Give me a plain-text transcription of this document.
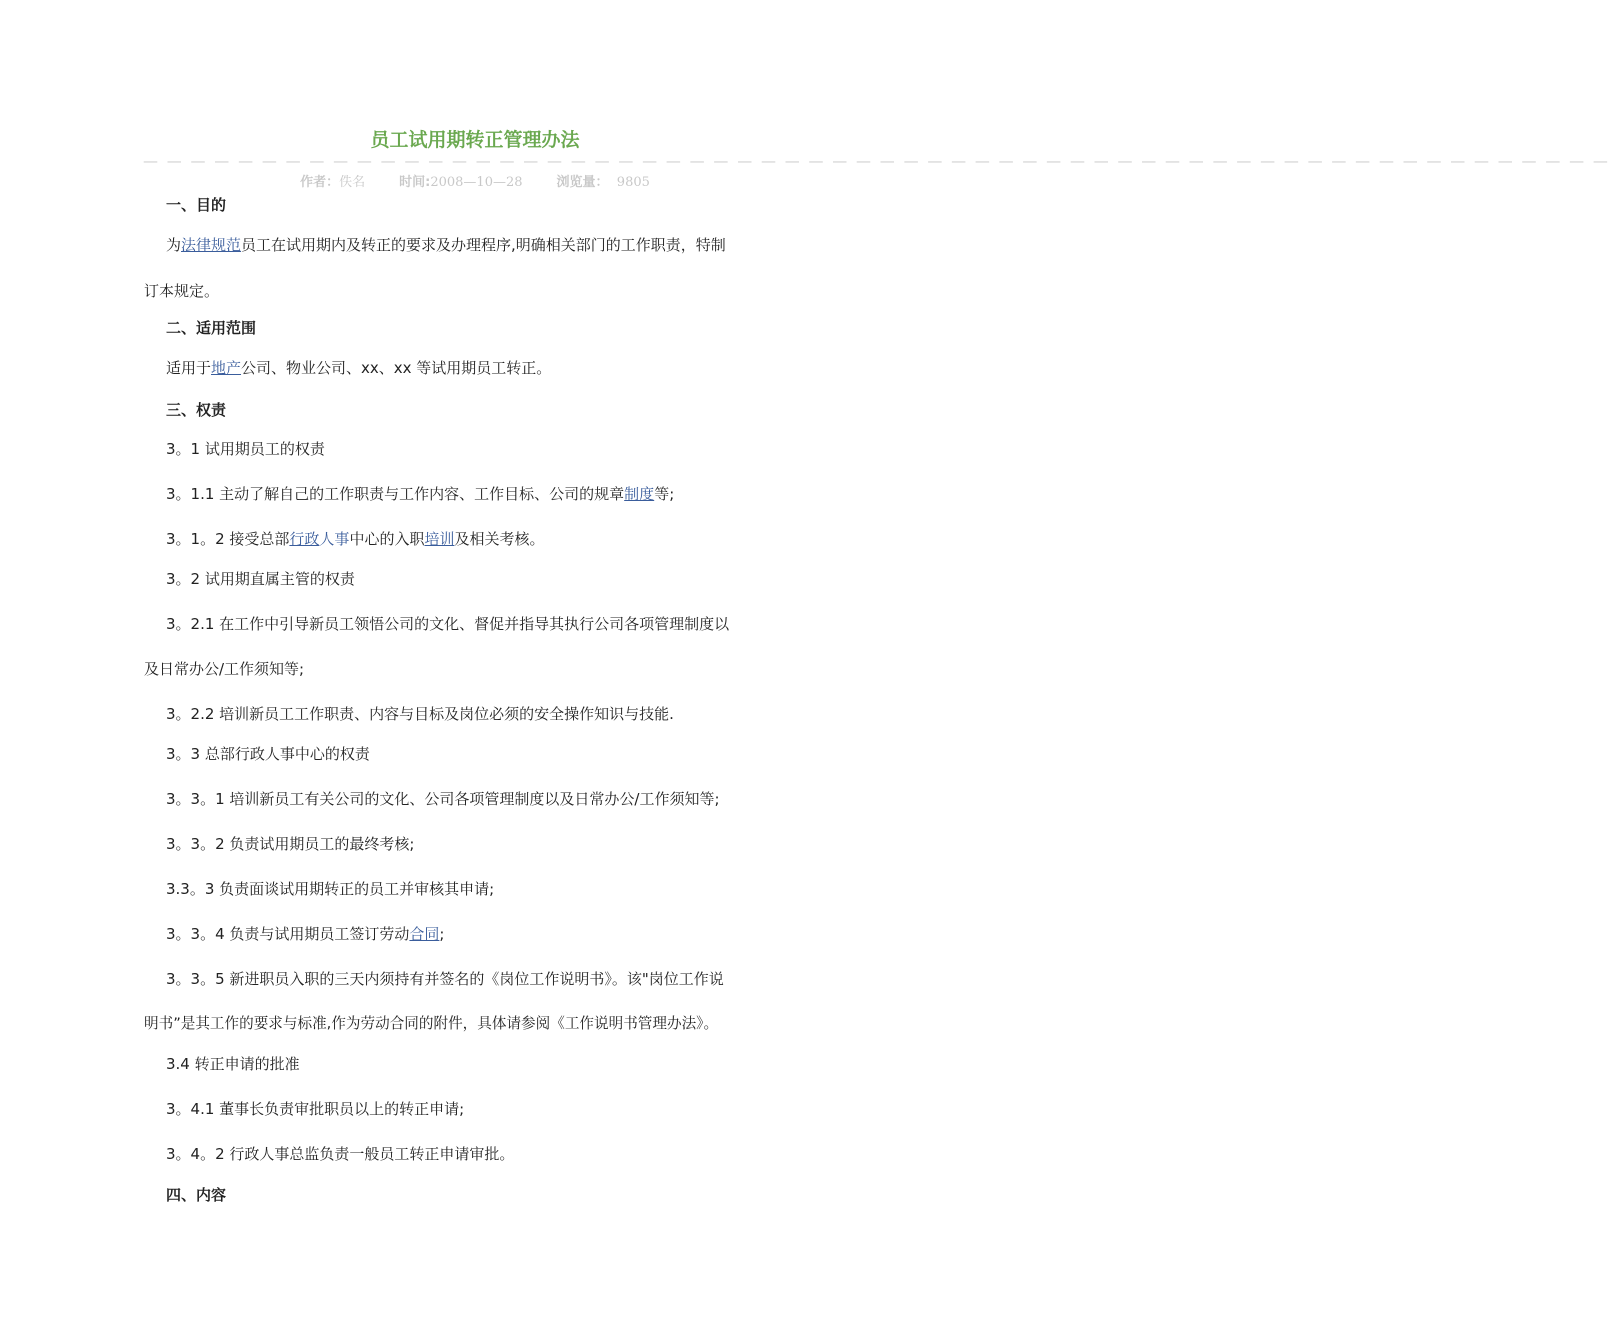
员工试用期转正管理办法
— — — — — — — — — — — — — — — — — — — — — — — — — — — — — — — — — — — — — — — — — — — — — — — — — — — — — — — — — — — — — —
作者：佚名	时间:2008—10—28	浏览量： 9805
一、目的
为法律规范员工在试用期内及转正的要求及办理程序,明确相关部门的工作职责，特制
订本规定。
二、适用范围
适用于地产公司、物业公司、xx、xx 等试用期员工转正。
三、权责
3。1 试用期员工的权责
3。1.1 主动了解自己的工作职责与工作内容、工作目标、公司的规章制度等;
3。1。2 接受总部行政人事中心的入职培训及相关考核。
3。2 试用期直属主管的权责
3。2.1 在工作中引导新员工领悟公司的文化、督促并指导其执行公司各项管理制度以
及日常办公/工作须知等;
3。2.2 培训新员工工作职责、内容与目标及岗位必须的安全操作知识与技能.
3。3 总部行政人事中心的权责
3。3。1 培训新员工有关公司的文化、公司各项管理制度以及日常办公/工作须知等;
3。3。2 负责试用期员工的最终考核;
3.3。3 负责面谈试用期转正的员工并审核其申请;
3。3。4 负责与试用期员工签订劳动合同;
3。3。5 新进职员入职的三天内须持有并签名的《岗位工作说明书》。该"岗位工作说
明书”是其工作的要求与标准,作为劳动合同的附件，具体请参阅《工作说明书管理办法》。
3.4 转正申请的批准
3。4.1 董事长负责审批职员以上的转正申请;
3。4。2 行政人事总监负责一般员工转正申请审批。
四、内容
